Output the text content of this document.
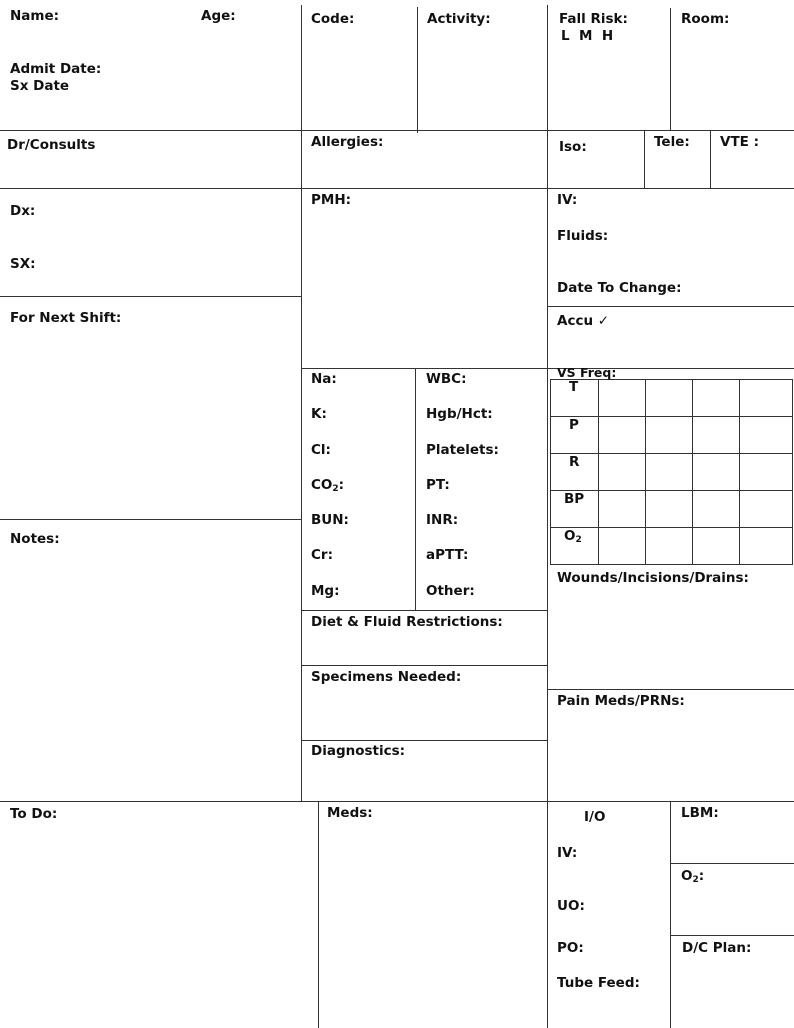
Name:	Age:
Admit Date:
Sx Date
Code:	Activity:	Fall Risk:
L  M  H
Room:
Dr/Consults	Allergies:	Iso:	Tele: VTE :
Dx:
SX:
For Next Shift:
Notes:
PMH:
Na:
K:
Cl:
$CO_2$:
BUN:
Cr:
Mg:
WBC:
Hgb/Hct:
Platelets:
PT:
INR:
aPTT:
Other:
Diet & Fluid Restrictions:
Specimens Needed:
Diagnostics:
IV:
Fluids:
Date To Change:
Accu ✓
VS Freq:
T
P
R
BP
$O_2$
Wounds/Incisions/Drains:
Pain Meds/PRNs:
To Do:	Meds:	I/O
IV:
UO:
PO:
Tube Feed:
LBM:
$O_2$:
D/C Plan:
